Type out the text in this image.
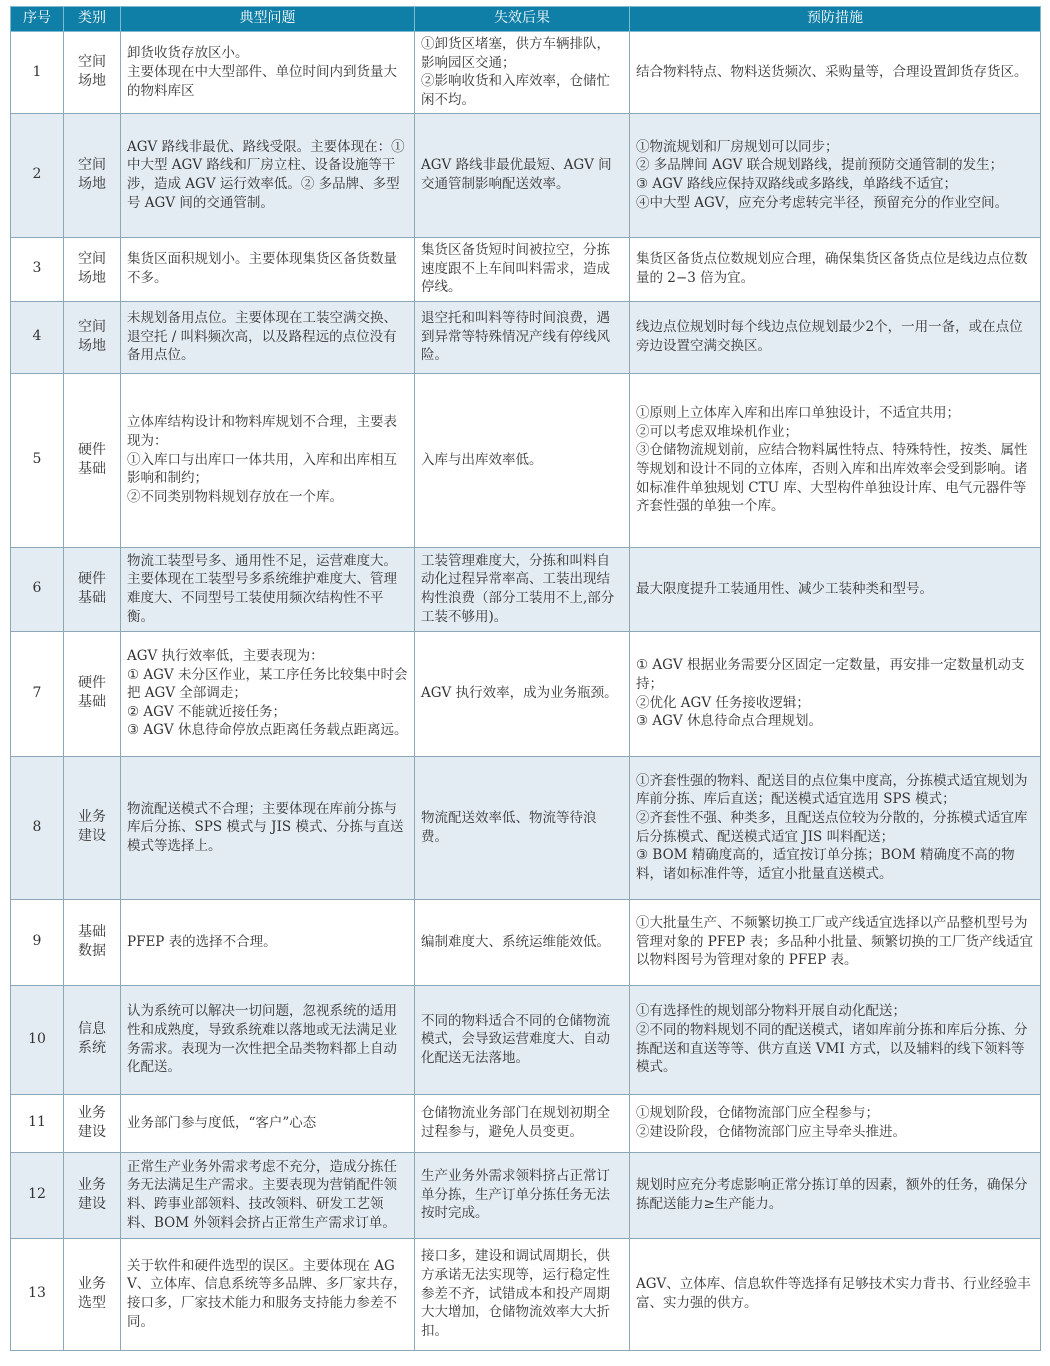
序号	类别	典型问题	失效后果	预防措施
1	空间场地	卸货收货存放区小。
主要体现在中大型部件、单位时间内到货量大的物料库区	①卸货区堵塞，供方车辆排队，影响园区交通；
②影响收货和入库效率，仓储忙闲不均。	结合物料特点、物料送货频次、采购量等，合理设置卸货存货区。

2	空间场地	AGV 路线非最优、路线受限。主要体现在：①中大型 AGV 路线和厂房立柱、设备设施等干涉，造成 AGV 运行效率低。② 多品牌、多型号 AGV 间的交通管制。	AGV 路线非最优最短、AGV 间交通管制影响配送效率。	①物流规划和厂房规划可以同步；
② 多品牌间 AGV 联合规划路线，提前预防交通管制的发生；
③ AGV 路线应保持双路线或多路线，单路线不适宜；
④中大型 AGV，应充分考虑转完半径，预留充分的作业空间。

3	空间场地	集货区面积规划小。主要体现集货区备货数量不多。	集货区备货短时间被拉空，分拣速度跟不上车间叫料需求，造成停线。	集货区备货点位数规划应合理，确保集货区备货点位是线边点位数量的 2−3 倍为宜。

4	空间场地	未规划备用点位。主要体现在工装空满交换、退空托 / 叫料频次高，以及路程远的点位没有备用点位。	退空托和叫料等待时间浪费，遇到异常等特殊情况产线有停线风险。	线边点位规划时每个线边点位规划最少2个，一用一备，或在点位旁边设置空满交换区。

5	硬件基础	立体库结构设计和物料库规划不合理，主要表现为：
①入库口与出库口一体共用，入库和出库相互影响和制约；
②不同类别物料规划存放在一个库。	入库与出库效率低。	①原则上立体库入库和出库口单独设计，不适宜共用；
②可以考虑双堆垛机作业；
③仓储物流规划前，应结合物料属性特点、特殊特性，按类、属性等规划和设计不同的立体库，否则入库和出库效率会受到影响。诸如标准件单独规划 CTU 库、大型构件单独设计库、电气元器件等齐套性强的单独一个库。

6	硬件基础	物流工装型号多、通用性不足，运营难度大。主要体现在工装型号多系统维护难度大、管理难度大、不同型号工装使用频次结构性不平衡。	工装管理难度大，分拣和叫料自动化过程异常率高、工装出现结构性浪费（部分工装用不上,部分工装不够用)。	最大限度提升工装通用性、减少工装种类和型号。

7	硬件基础	AGV 执行效率低，主要表现为：
① AGV 未分区作业，某工序任务比较集中时会把 AGV 全部调走；
② AGV 不能就近接任务；
③ AGV 休息待命停放点距离任务载点距离远。	AGV 执行效率，成为业务瓶颈。	① AGV 根据业务需要分区固定一定数量，再安排一定数量机动支持；
②优化 AGV 任务接收逻辑；
③ AGV 休息待命点合理规划。

8	业务建设	物流配送模式不合理；主要体现在库前分拣与库后分拣、SPS 模式与 JIS 模式、分拣与直送模式等选择上。	物流配送效率低、物流等待浪费。	①齐套性强的物料、配送目的点位集中度高，分拣模式适宜规划为库前分拣、库后直送；配送模式适宜选用 SPS 模式；
②齐套性不强、种类多，且配送点位较为分散的，分拣模式适宜库后分拣模式、配送模式适宜 JIS 叫料配送；
③ BOM 精确度高的，适宜按订单分拣；BOM 精确度不高的物料，诸如标准件等，适宜小批量直送模式。

9	基础数据	PFEP 表的选择不合理。	编制难度大、系统运维能效低。	①大批量生产、不频繁切换工厂或产线适宜选择以产品整机型号为管理对象的 PFEP 表；多品种小批量、频繁切换的工厂货产线适宜以物料图号为管理对象的 PFEP 表。

10	信息系统	认为系统可以解决一切问题，忽视系统的适用性和成熟度，导致系统难以落地或无法满足业务需求。表现为一次性把全品类物料都上自动化配送。	不同的物料适合不同的仓储物流模式，会导致运营难度大、自动化配送无法落地。	①有选择性的规划部分物料开展自动化配送；
②不同的物料规划不同的配送模式，诸如库前分拣和库后分拣、分拣配送和直送等等、供方直送 VMI 方式，以及辅料的线下领料等模式。

11	业务建设	业务部门参与度低，“客户”心态	仓储物流业务部门在规划初期全过程参与，避免人员变更。	①规划阶段，仓储物流部门应全程参与；
②建设阶段，仓储物流部门应主导牵头推进。

12	业务建设	正常生产业务外需求考虑不充分，造成分拣任务无法满足生产需求。主要表现为营销配件领料、跨事业部领料、技改领料、研发工艺领料、BOM 外领料会挤占正常生产需求订单。	生产业务外需求领料挤占正常订单分拣，生产订单分拣任务无法按时完成。	规划时应充分考虑影响正常分拣订单的因素，额外的任务，确保分拣配送能力≥生产能力。

13	业务选型	关于软件和硬件选型的误区。主要体现在 AGV、立体库、信息系统等多品牌、多厂家共存，接口多，厂家技术能力和服务支持能力参差不同。	接口多，建设和调试周期长，供方承诺无法实现等，运行稳定性参差不齐，试错成本和投产周期大大增加，仓储物流效率大大折扣。	AGV、立体库、信息软件等选择有足够技术实力背书、行业经验丰富、实力强的供方。
